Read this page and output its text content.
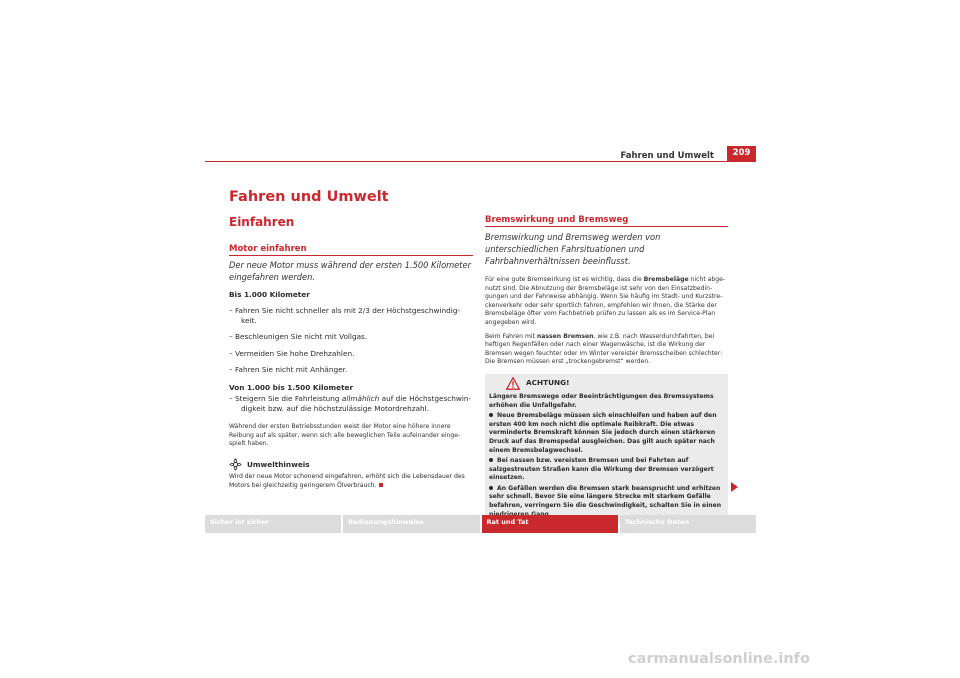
Fahren und Umwelt	209
Fahren und Umwelt
Einfahren
Motor einfahren
Der neue Motor muss während der ersten 1.500 Kilometer eingefahren werden.
Bis 1.000 Kilometer
– Fahren Sie nicht schneller als mit 2/3 der Höchstgeschwindigkeit.
– Beschleunigen Sie nicht mit Vollgas.
– Vermeiden Sie hohe Drehzahlen.
– Fahren Sie nicht mit Anhänger.
Von 1.000 bis 1.500 Kilometer
– Steigern Sie die Fahrleistung allmählich auf die Höchstgeschwindigkeit bzw. auf die höchstzulässige Motordrehzahl.
Während der ersten Betriebsstunden weist der Motor eine höhere innere Reibung auf als später, wenn sich alle beweglichen Teile aufeinander eingespielt haben.
Umwelthinweis
Wird der neue Motor schonend eingefahren, erhöht sich die Lebensdauer des Motors bei gleichzeitig geringerem Ölverbrauch.
Bremswirkung und Bremsweg
Bremswirkung und Bremsweg werden von unterschiedlichen Fahrsituationen und Fahrbahnverhältnissen beeinflusst.
Für eine gute Bremswirkung ist es wichtig, dass die Bremsbeläge nicht abgenutzt sind. Die Abnutzung der Bremsbeläge ist sehr von den Einsatzbedingungen und der Fahrweise abhängig. Wenn Sie häufig im Stadt- und Kurzstreckenverkehr oder sehr sportlich fahren, empfehlen wir Ihnen, die Stärke der Bremsbeläge öfter vom Fachbetrieb prüfen zu lassen als es im Service-Plan angegeben wird.
Beim Fahren mit nassen Bremsen, wie z.B. nach Wasserdurchfahrten, bei heftigen Regenfällen oder nach einer Wagenwäsche, ist die Wirkung der Bremsen wegen feuchter oder im Winter vereister Bremsscheiben schlechter: Die Bremsen müssen erst „trockengebremst“ werden.
ACHTUNG!
Längere Bremswege oder Beeinträchtigungen des Bremssystems erhöhen die Unfallgefahr.
Neue Bremsbeläge müssen sich einschleifen und haben auf den ersten 400 km noch nicht die optimale Reibkraft. Die etwas verminderte Bremskraft können Sie jedoch durch einen stärkeren Druck auf das Bremspedal ausgleichen. Das gilt auch später nach einem Bremsbelagwechsel.
Bei nassen bzw. vereisten Bremsen und bei Fahrten auf salzgestreuten Straßen kann die Wirkung der Bremsen verzögert einsetzen.
An Gefällen werden die Bremsen stark beansprucht und erhitzen sehr schnell. Bevor Sie eine längere Strecke mit starkem Gefälle befahren, verringern Sie die Geschwindigkeit, schalten Sie in einen
Sicher ist sicher	Bedienungshinweise	Rat und Tat	Technische Daten
carmanualsonline.info
